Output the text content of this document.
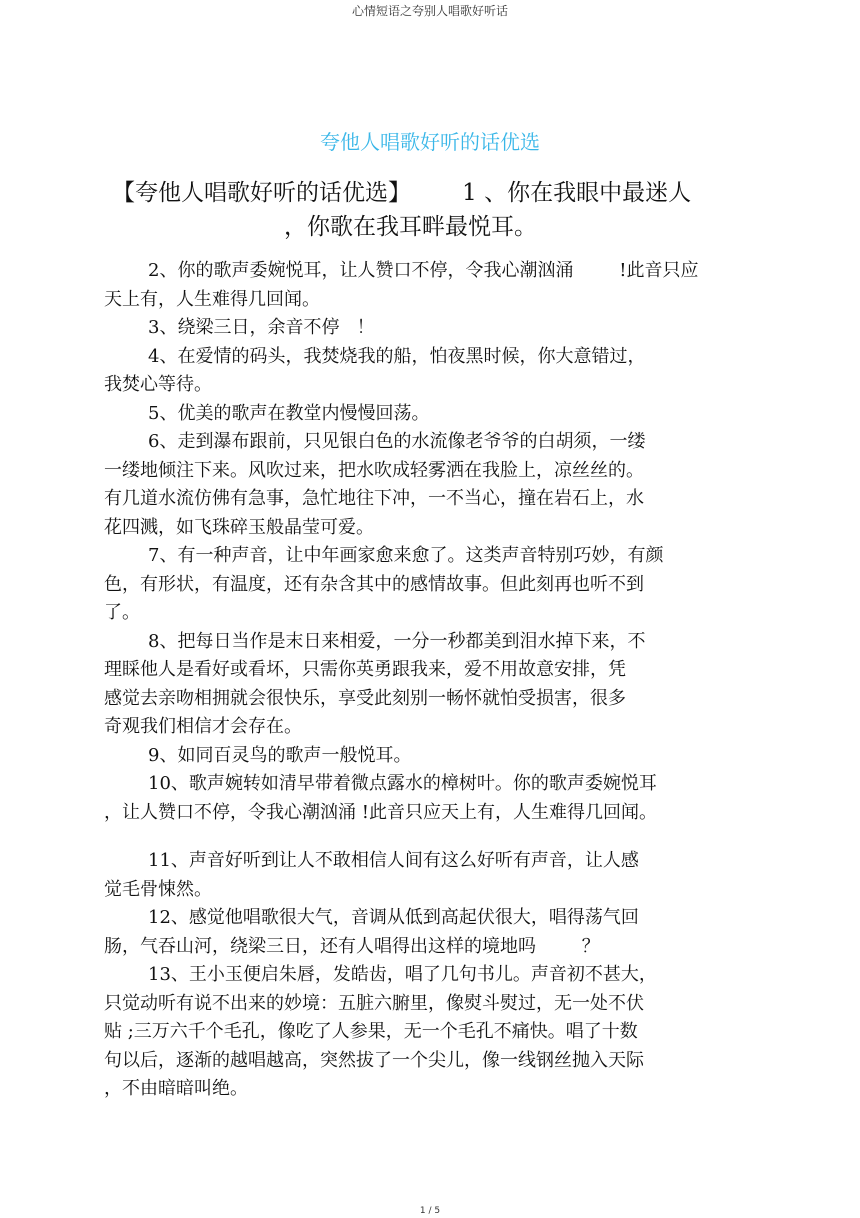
心情短语之夸别人唱歌好听话
夸他人唱歌好听的话优选
【夸他人唱歌好听的话优选】       1 、你在我眼中最迷人
，你歌在我耳畔最悦耳。
2、你的歌声委婉悦耳，让人赞口不停，令我心潮汹涌        !此音只应
天上有，人生难得几回闻。
3、绕梁三日，余音不停   ！
4、在爱情的码头，我焚烧我的船，怕夜黑时候，你大意错过，
我焚心等待。
5、优美的歌声在教堂内慢慢回荡。
6、走到瀑布跟前，只见银白色的水流像老爷爷的白胡须，一缕
一缕地倾注下来。风吹过来，把水吹成轻雾洒在我脸上，凉丝丝的。
有几道水流仿佛有急事，急忙地往下冲，一不当心，撞在岩石上，水
花四溅，如飞珠碎玉般晶莹可爱。
7、有一种声音，让中年画家愈来愈了。这类声音特别巧妙，有颜
色，有形状，有温度，还有杂含其中的感情故事。但此刻再也听不到
了。
8、把每日当作是末日来相爱，一分一秒都美到泪水掉下来，不
理睬他人是看好或看坏，只需你英勇跟我来，爱不用故意安排，凭
感觉去亲吻相拥就会很快乐，享受此刻别一畅怀就怕受损害，很多
奇观我们相信才会存在。
9、如同百灵鸟的歌声一般悦耳。
10、歌声婉转如清早带着微点露水的樟树叶。你的歌声委婉悦耳
，让人赞口不停，令我心潮汹涌 !此音只应天上有，人生难得几回闻。
11、声音好听到让人不敢相信人间有这么好听有声音，让人感
觉毛骨悚然。
12、感觉他唱歌很大气，音调从低到高起伏很大，唱得荡气回
肠，气吞山河，绕梁三日，还有人唱得出这样的境地吗        ？
13、王小玉便启朱唇，发皓齿，唱了几句书儿。声音初不甚大，
只觉动听有说不出来的妙境：五脏六腑里，像熨斗熨过，无一处不伏
贴 ;三万六千个毛孔，像吃了人参果，无一个毛孔不痛快。唱了十数
句以后，逐渐的越唱越高，突然拔了一个尖儿，像一线钢丝抛入天际
，不由暗暗叫绝。
1 / 5
